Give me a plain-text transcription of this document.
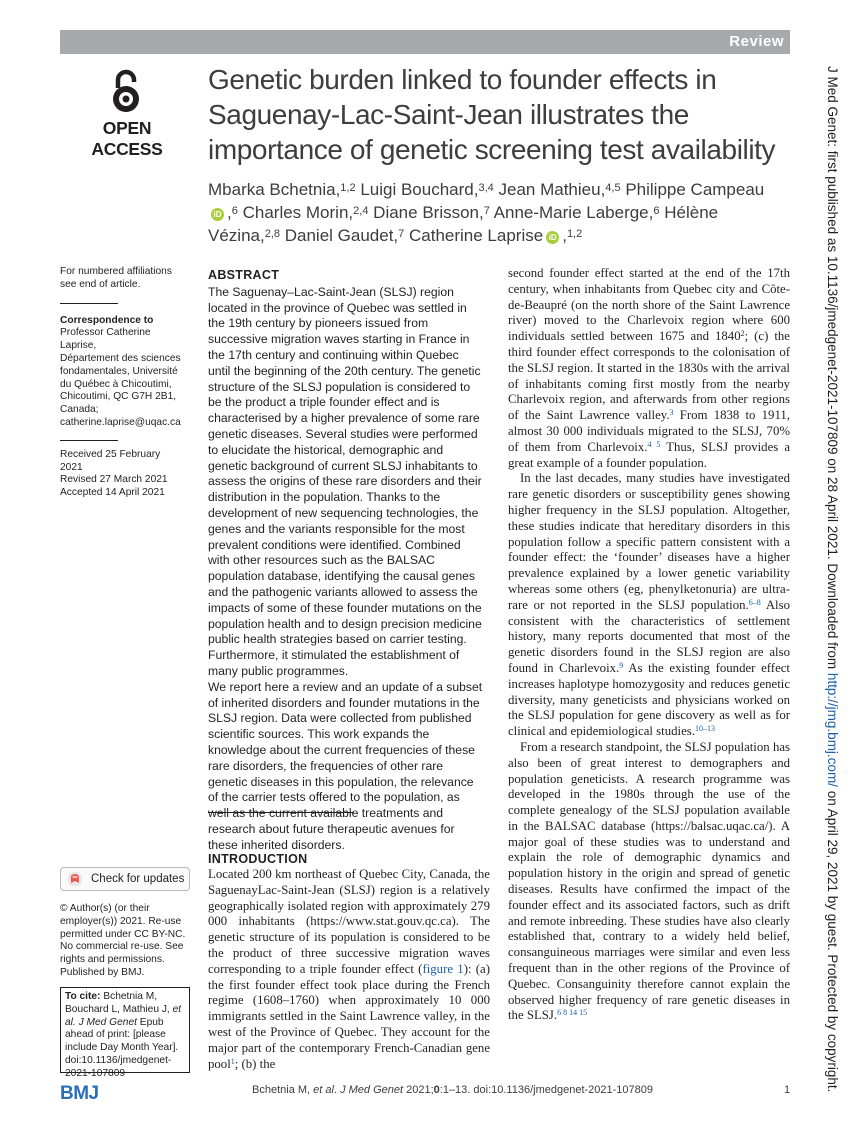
Review
OPEN ACCESS
Genetic burden linked to founder effects in Saguenay-Lac-Saint-Jean illustrates the importance of genetic screening test availability
Mbarka Bchetnia,$^{1,2}$ Luigi Bouchard,$^{3,4}$ Jean Mathieu,$^{4,5}$ Philippe CampeauiD ,$^6$ Charles Morin,$^{2,4}$ Diane Brisson,$^7$ Anne-Marie Laberge,$^6$ Hélène Vézina,$^{2,8}$ Daniel Gaudet,$^7$ Catherine Laprise iD ,$^{1,2}$

For numbered affiliations see end of article.

Correspondence to

Professor Catherine Laprise,

Département des sciences

fondamentales, Université

du Québec à Chicoutimi,

Chicoutimi, QC G7H 2B1,

Canada;

catherine.laprise@uqac.ca

Received 25 February 2021

Revised 27 March 2021

Accepted 14 April 2021

Check for updates
© Author(s) (or their employer(s)) 2021. Re-use permitted under CC BY-NC. No commercial re-use. See rights and permissions. Published by BMJ.
To cite: Bchetnia M, Bouchard L, Mathieu J, et al. J Med Genet Epub ahead of print: [please include Day Month Year]. doi:10.1136/jmedgenet-2021-107809
ABSTRACT

The Saguenay–Lac-Saint-Jean (SLSJ) region located in the province of Quebec was settled in the 19th century by pioneers issued from successive migration waves starting in France in the 17th century and continuing within Quebec until the beginning of the 20th century. The genetic structure of the SLSJ population is considered to be the product a triple founder effect and is characterised by a higher prevalence of some rare genetic diseases. Several studies were performed to elucidate the historical, demographic and genetic background of current SLSJ inhabitants to assess the origins of these rare disorders and their distribution in the population. Thanks to the development of new sequencing technologies, the genes and the variants responsible for the most prevalent conditions were identified. Combined with other resources such as the BALSAC population database, identifying the causal genes and the pathogenic variants allowed to assess the impacts of some of these founder mutations on the population health and to design precision medicine public health strategies based on carrier testing. Furthermore, it stimulated the establishment of many public programmes.

We report here a review and an update of a subset of inherited disorders and founder mutations in the SLSJ region. Data were collected from published scientific sources. This work expands the knowledge about the current frequencies of these rare disorders, the frequencies of other rare genetic diseases in this population, the relevance of the carrier tests offered to the population, as well as the current available treatments and research about future therapeutic avenues for these inherited disorders.

INTRODUCTION

Located 200 km northeast of Quebec City, Canada, the SaguenayLac-Saint-Jean (SLSJ) region is a relatively geographically isolated region with approximately 279 000 inhabitants (https://www.stat.gouv.qc.ca). The genetic structure of its population is considered to be the product of three successive migration waves corresponding to a triple founder effect (figure 1): (a) the first founder effect took place during the French regime (1608–1760) when approximately 10 000 immigrants settled in the Saint Lawrence valley, in the west of the Province of Quebec. They account for the major part of the contemporary French-Canadian gene pool$^1$; (b) the

second founder effect started at the end of the 17th century, when inhabitants from Quebec city and Côte-de-Beaupré (on the north shore of the Saint Lawrence river) moved to the Charlevoix region where 600 individuals settled between 1675 and 1840$^2$; (c) the third founder effect corresponds to the colonisation of the SLSJ region. It started in the 1830s with the arrival of inhabitants coming first mostly from the nearby Charlevoix region, and afterwards from other regions of the Saint Lawrence valley.$^3$ From 1838 to 1911, almost 30 000 individuals migrated to the SLSJ, 70% of them from Charlevoix.$^{4 5}$ Thus, SLSJ provides a great example of a founder population.

In the last decades, many studies have investigated rare genetic disorders or susceptibility genes showing higher frequency in the SLSJ population. Altogether, these studies indicate that hereditary disorders in this population follow a specific pattern consistent with a founder effect: the ‘founder’ diseases have a higher prevalence explained by a lower genetic variability whereas some others (eg, phenylketonuria) are ultra-rare or not reported in the SLSJ population.$^{6-8}$ Also consistent with the characteristics of settlement history, many reports documented that most of the genetic disorders found in the SLSJ region are also found in Charlevoix.$^9$ As the existing founder effect increases haplotype homozygosity and reduces genetic diversity, many geneticists and physicians worked on the SLSJ population for gene discovery as well as for clinical and epidemiological studies.$^{10-13}$

From a research standpoint, the SLSJ population has also been of great interest to demographers and population geneticists. A research programme was developed in the 1980s through the use of the complete genealogy of the SLSJ population available in the BALSAC database (https://balsac.uqac.ca/). A major goal of these studies was to understand and explain the role of demographic dynamics and population history in the origin and spread of genetic diseases. Results have confirmed the impact of the founder effect and its associated factors, such as drift and remote inbreeding. These studies have also clearly established that, contrary to a widely held belief, consanguineous marriages were similar and even less frequent than in the other regions of the Province of Quebec. Consanguinity therefore cannot explain the observed higher frequency of rare genetic diseases in the SLSJ.$^{6 8 14 15}$

J Med Genet: first published as 10.1136/jmedgenet-2021-107809 on 28 April 2021. Downloaded from http://jmg.bmj.com/ on April 29, 2021 by guest. Protected by copyright.
BMJ	Bchetnia M, et al. J Med Genet 2021;0:1–13. doi:10.1136/jmedgenet-2021-107809	1
